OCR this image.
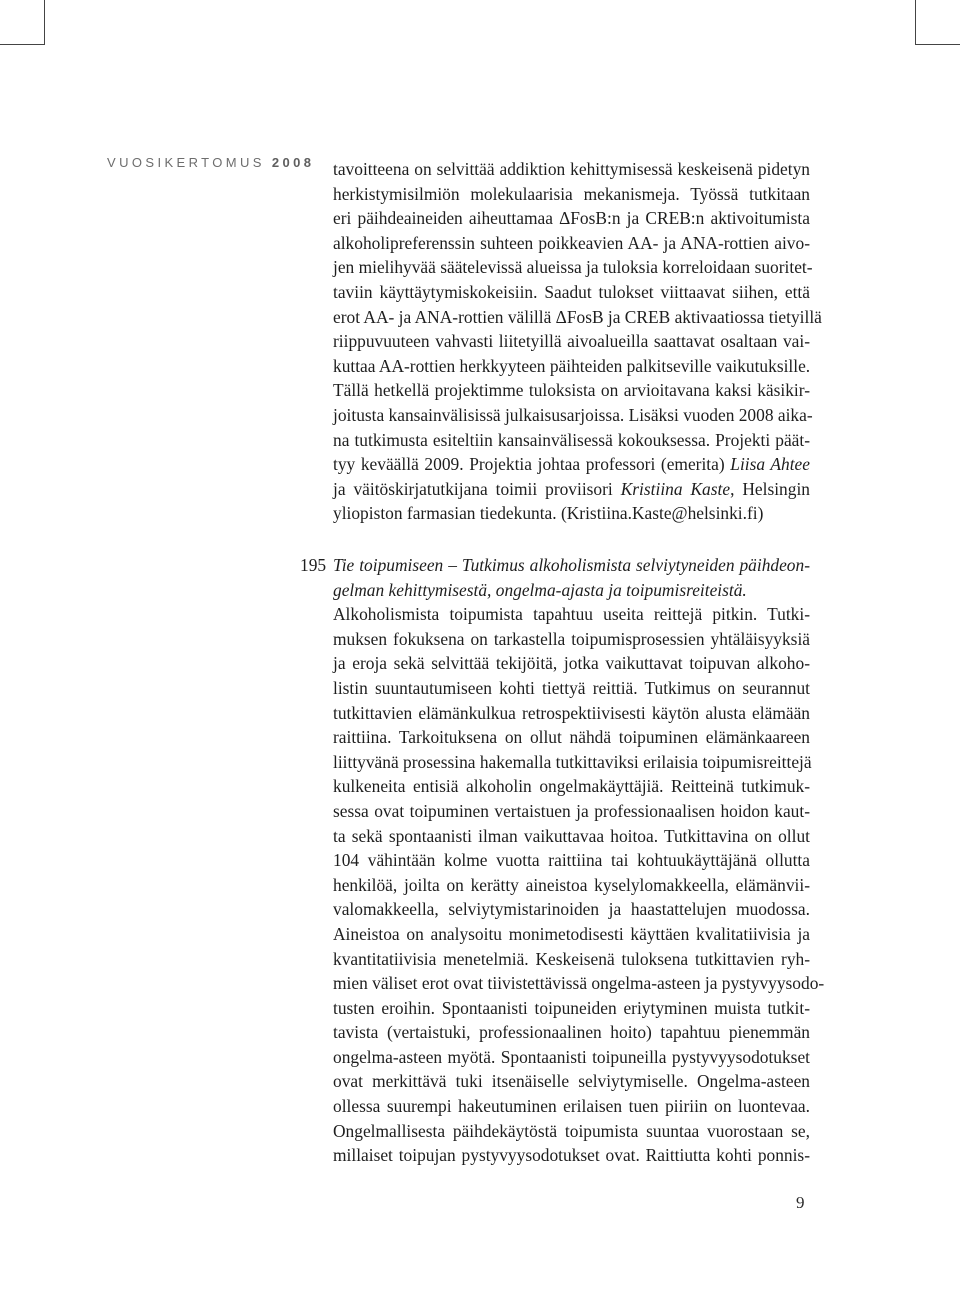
VUOSIKERTOMUS 2008 tavoitteena on selvittää addiktion kehittymisessä keskeisenä pidetyn
herkistymisilmiön molekulaarisia mekanismeja. Työssä tutkitaan
eri päihdeaineiden aiheuttamaa ΔFosB:n ja CREB:n aktivoitumista
alkoholipreferenssin suhteen poikkeavien AA- ja ANA-rottien aivo-
jen mielihyvää säätelevissä alueissa ja tuloksia korreloidaan suoritet-
taviin käyttäytymiskokeisiin. Saadut tulokset viittaavat siihen, että
erot AA- ja ANA-rottien välillä ΔFosB ja CREB aktivaatiossa tietyillä
riippuvuuteen vahvasti liitetyillä aivoalueilla saattavat osaltaan vai-
kuttaa AA-rottien herkkyyteen päihteiden palkitseville vaikutuksille.
Tällä hetkellä projektimme tuloksista on arvioitavana kaksi käsikir-
joitusta kansainvälisissä julkaisusarjoissa. Lisäksi vuoden 2008 aika-
na tutkimusta esiteltiin kansainvälisessä kokouksessa. Projekti päät-
tyy keväällä 2009. Projektia johtaa professori (emerita) Liisa Ahtee
ja väitöskirjatutkijana toimii proviisori Kristiina Kaste, Helsingin
yliopiston farmasian tiedekunta. (Kristiina.Kaste@helsinki.fi)

195 Tie toipumiseen – Tutkimus alkoholismista selviytyneiden päihdeon-
gelman kehittymisestä, ongelma-ajasta ja toipumisreiteistä.
Alkoholismista toipumista tapahtuu useita reittejä pitkin. Tutki-
muksen fokuksena on tarkastella toipumisprosessien yhtäläisyyksiä
ja eroja sekä selvittää tekijöitä, jotka vaikuttavat toipuvan alkoho-
listin suuntautumiseen kohti tiettyä reittiä. Tutkimus on seurannut
tutkittavien elämänkulkua retrospektiivisesti käytön alusta elämään
raittiina. Tarkoituksena on ollut nähdä toipuminen elämänkaareen
liittyvänä prosessina hakemalla tutkittaviksi erilaisia toipumisreittejä
kulkeneita entisiä alkoholin ongelmakäyttäjiä. Reitteinä tutkimuk-
sessa ovat toipuminen vertaistuen ja professionaalisen hoidon kaut-
ta sekä spontaanisti ilman vaikuttavaa hoitoa. Tutkittavina on ollut
104 vähintään kolme vuotta raittiina tai kohtuukäyttäjänä ollutta
henkilöä, joilta on kerätty aineistoa kyselylomakkeella, elämänvii-
valomakkeella, selviytymistarinoiden ja haastattelujen muodossa.
Aineistoa on analysoitu monimetodisesti käyttäen kvalitatiivisia ja
kvantitatiivisia menetelmiä. Keskeisenä tuloksena tutkittavien ryh-
mien väliset erot ovat tiivistettävissä ongelma-asteen ja pystyvyysodo-
tusten eroihin. Spontaanisti toipuneiden eriytyminen muista tutkit-
tavista (vertaistuki, professionaalinen hoito) tapahtuu pienemmän
ongelma-asteen myötä. Spontaanisti toipuneilla pystyvyysodotukset
ovat merkittävä tuki itsenäiselle selviytymiselle. Ongelma-asteen
ollessa suurempi hakeutuminen erilaisen tuen piiriin on luontevaa.
Ongelmallisesta päihdekäytöstä toipumista suuntaa vuorostaan se,
millaiset toipujan pystyvyysodotukset ovat. Raittiutta kohti ponnis-

9
